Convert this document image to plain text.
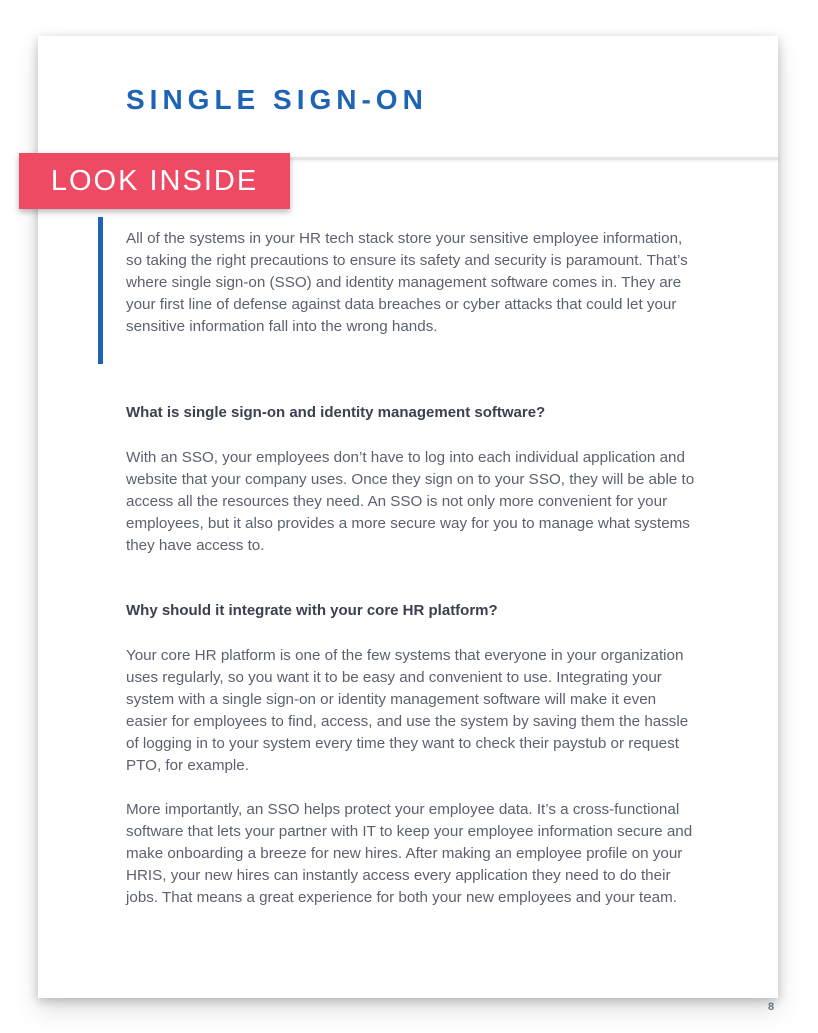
SINGLE SIGN-ON
8
LOOK INSIDE

All of the systems in your HR tech stack store your sensitive employee information, so taking the right precautions to ensure its safety and security is paramount. That’s where single sign-on (SSO) and identity management software comes in. They are your first line of defense against data breaches or cyber attacks that could let your sensitive information fall into the wrong hands.

What is single sign-on and identity management software?

With an SSO, your employees don’t have to log into each individual application and website that your company uses. Once they sign on to your SSO, they will be able to access all the resources they need. An SSO is not only more convenient for your employees, but it also provides a more secure way for you to manage what systems they have access to.

Why should it integrate with your core HR platform?

Your core HR platform is one of the few systems that everyone in your organization uses regularly, so you want it to be easy and convenient to use. Integrating your system with a single sign-on or identity management software will make it even easier for employees to find, access, and use the system by saving them the hassle of logging in to your system every time they want to check their paystub or request PTO, for example.

More importantly, an SSO helps protect your employee data. It’s a cross-functional software that lets your partner with IT to keep your employee information secure and make onboarding a breeze for new hires. After making an employee profile on your HRIS, your new hires can instantly access every application they need to do their jobs. That means a great experience for both your new employees and your team.
